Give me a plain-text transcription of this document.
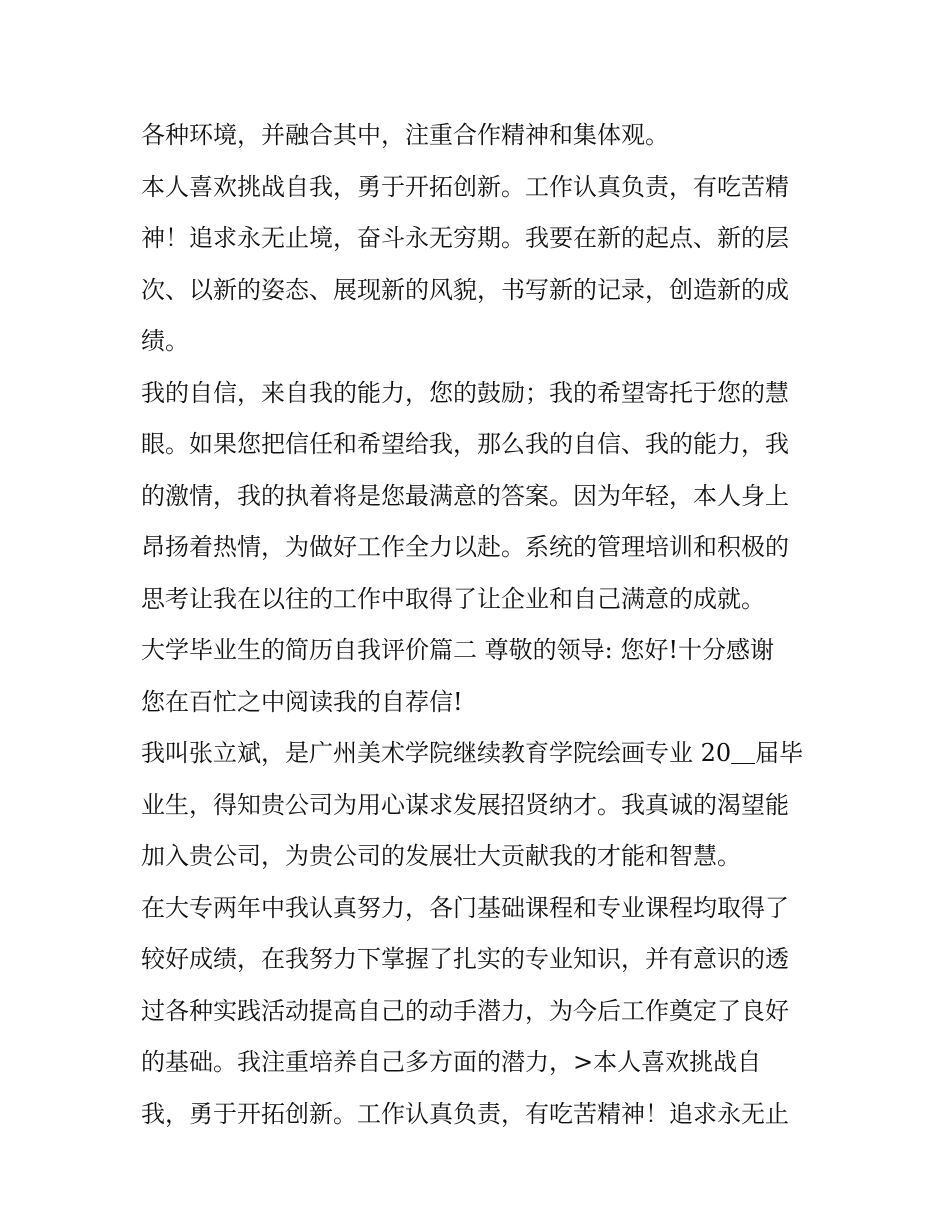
各种环境，并融合其中，注重合作精神和集体观。
本人喜欢挑战自我，勇于开拓创新。工作认真负责，有吃苦精
神！追求永无止境，奋斗永无穷期。我要在新的起点、新的层
次、以新的姿态、展现新的风貌，书写新的记录，创造新的成
绩。
我的自信，来自我的能力，您的鼓励；我的希望寄托于您的慧
眼。如果您把信任和希望给我，那么我的自信、我的能力，我
的激情，我的执着将是您最满意的答案。因为年轻，本人身上
昂扬着热情，为做好工作全力以赴。系统的管理培训和积极的
思考让我在以往的工作中取得了让企业和自己满意的成就。
大学毕业生的简历自我评价篇二 尊敬的领导: 您好!十分感谢
您在百忙之中阅读我的自荐信!
我叫张立斌，是广州美术学院继续教育学院绘画专业 20＿届毕
业生，得知贵公司为用心谋求发展招贤纳才。我真诚的渴望能
加入贵公司，为贵公司的发展壮大贡献我的才能和智慧。
在大专两年中我认真努力，各门基础课程和专业课程均取得了
较好成绩，在我努力下掌握了扎实的专业知识，并有意识的透
过各种实践活动提高自己的动手潜力，为今后工作奠定了良好
的基础。我注重培养自己多方面的潜力，>本人喜欢挑战自
我，勇于开拓创新。工作认真负责，有吃苦精神！追求永无止
